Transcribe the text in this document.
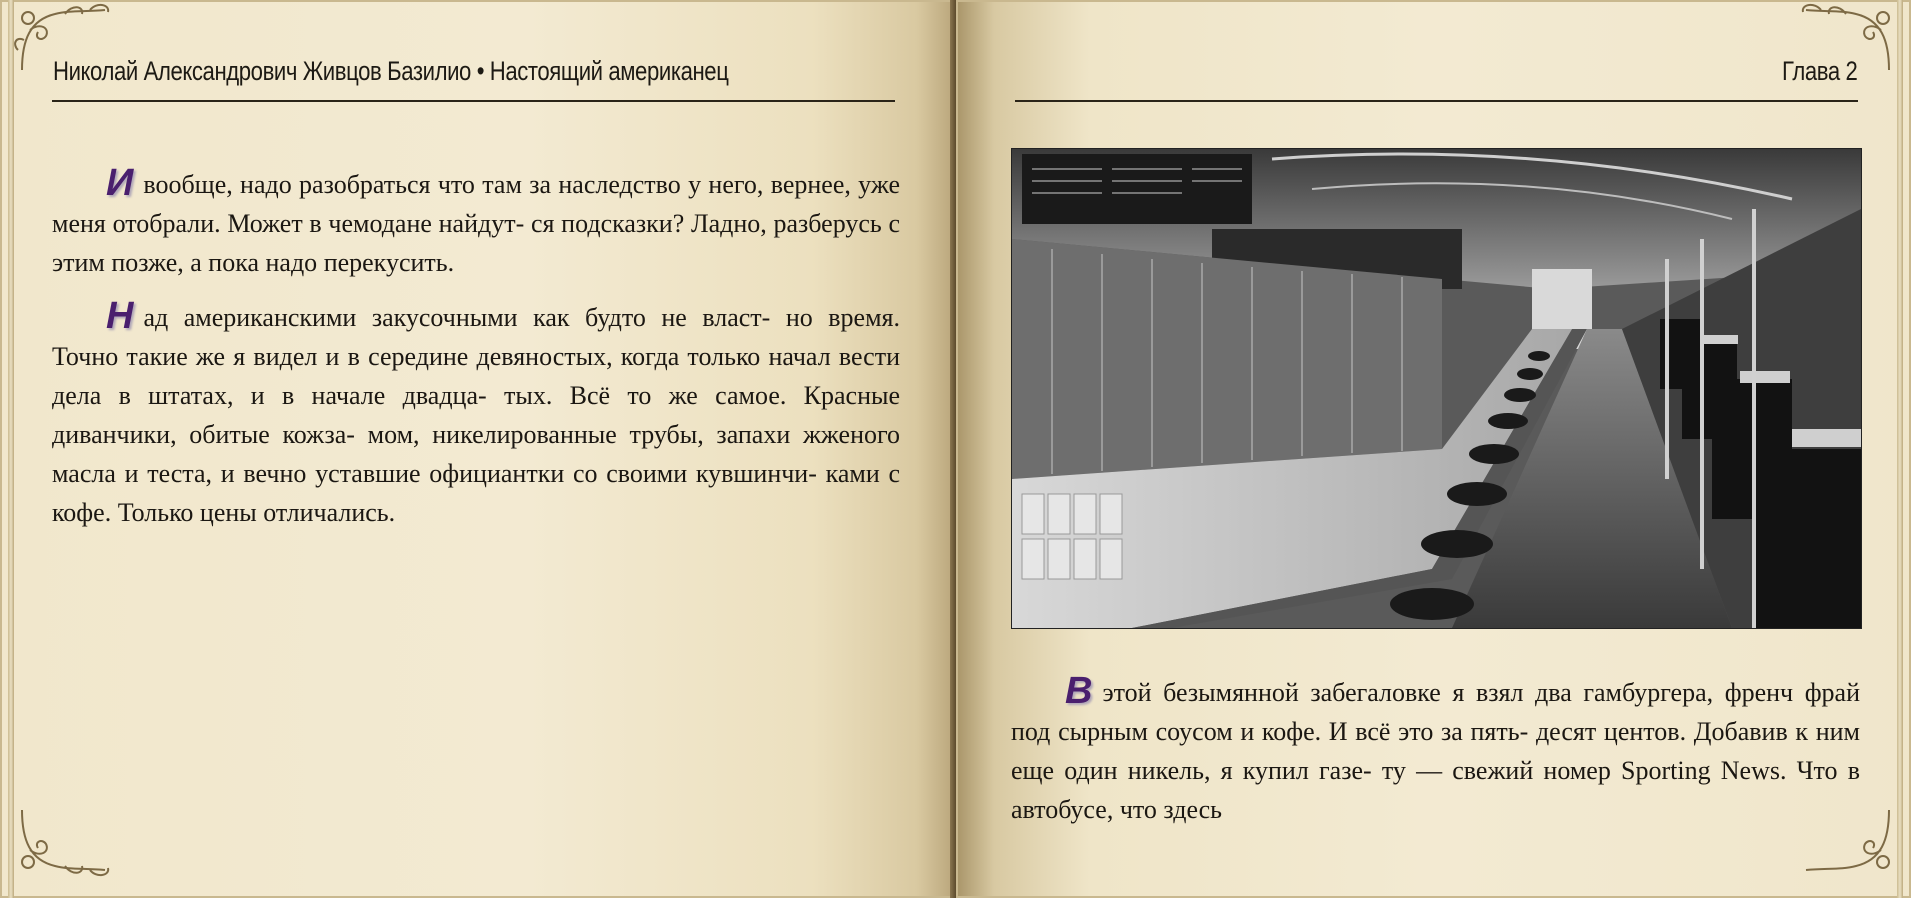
Николай Александрович Живцов Базилио • Настоящий американец

И вообще, надо разобраться что там за наследство у него, вернее, уже меня отобрали. Может в чемодане найдут- ся подсказки? Ладно, разберусь с этим позже, а пока надо перекусить.

Н ад американскими закусочными как будто не власт- но время. Точно такие же я видел и в середине девяностых, когда только начал вести дела в штатах, и в начале двадца- тых. Всё то же самое. Красные диванчики, обитые кожза- мом, никелированные трубы, запахи жженого масла и теста, и вечно уставшие официантки со своими кувшинчи- ками с кофе. Только цены отличались.

Глава 2

В этой безымянной забегаловке я взял два гамбургера, френч фрай под сырным соусом и кофе. И всё это за пять- десят центов. Добавив к ним еще один никель, я купил газе- ту — свежий номер Sporting News. Что в автобусе, что здесь
